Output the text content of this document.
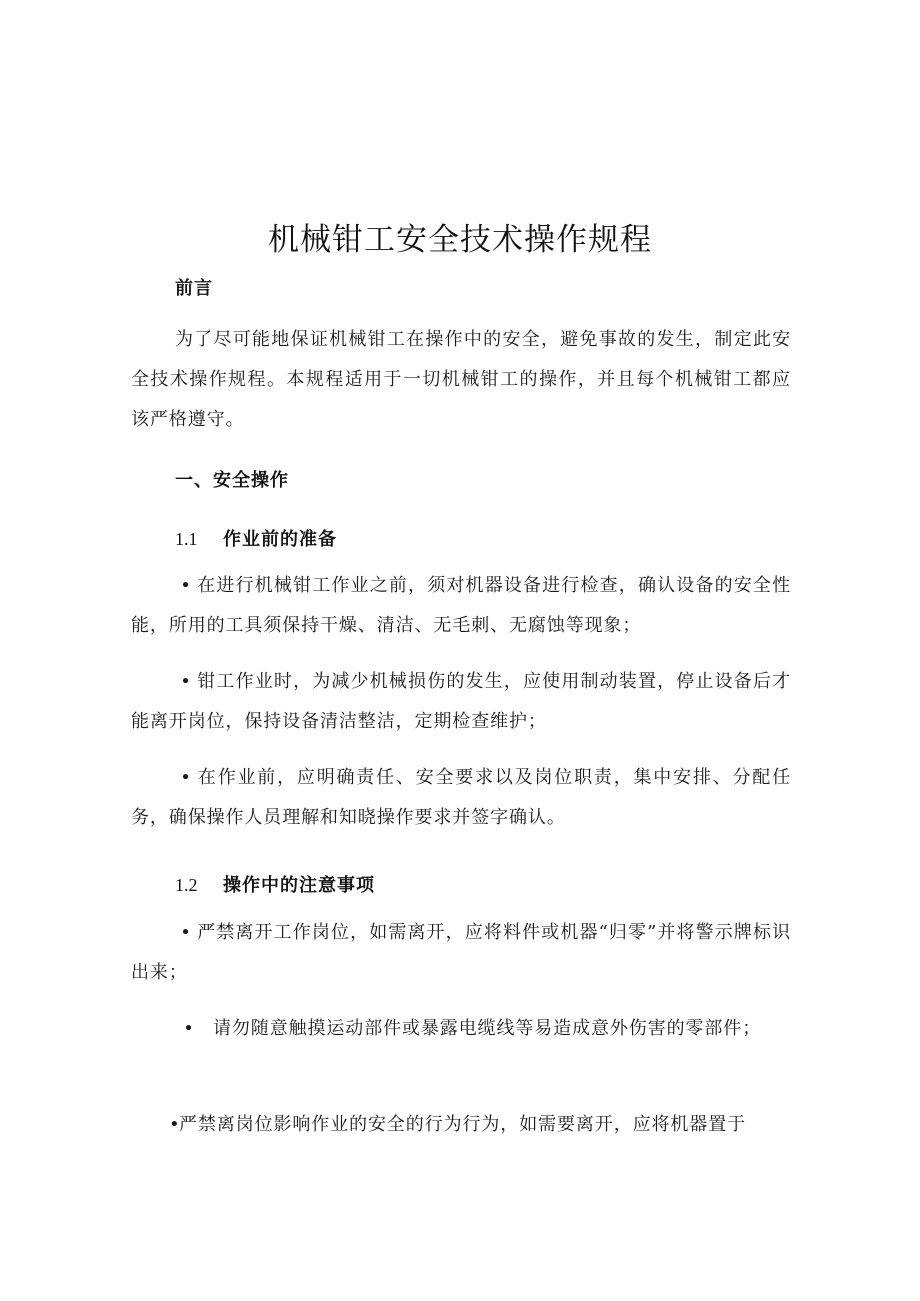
机械钳工安全技术操作规程
前言
为了尽可能地保证机械钳工在操作中的安全，避免事故的发生，制定此安全技术操作规程。本规程适用于一切机械钳工的操作，并且每个机械钳工都应该严格遵守。
一、安全操作
1.1 作业前的准备
• 在进行机械钳工作业之前，须对机器设备进行检查，确认设备的安全性能，所用的工具须保持干燥、清洁、无毛刺、无腐蚀等现象；
• 钳工作业时，为减少机械损伤的发生，应使用制动装置，停止设备后才能离开岗位，保持设备清洁整洁，定期检查维护；
• 在作业前，应明确责任、安全要求以及岗位职责，集中安排、分配任务，确保操作人员理解和知晓操作要求并签字确认。
1.2 操作中的注意事项
• 严禁离开工作岗位，如需离开，应将料件或机器“归零”并将警示牌标识出来；
• 请勿随意触摸运动部件或暴露电缆线等易造成意外伤害的零部件；
•严禁离岗位影响作业的安全的行为行为，如需要离开，应将机器置于
